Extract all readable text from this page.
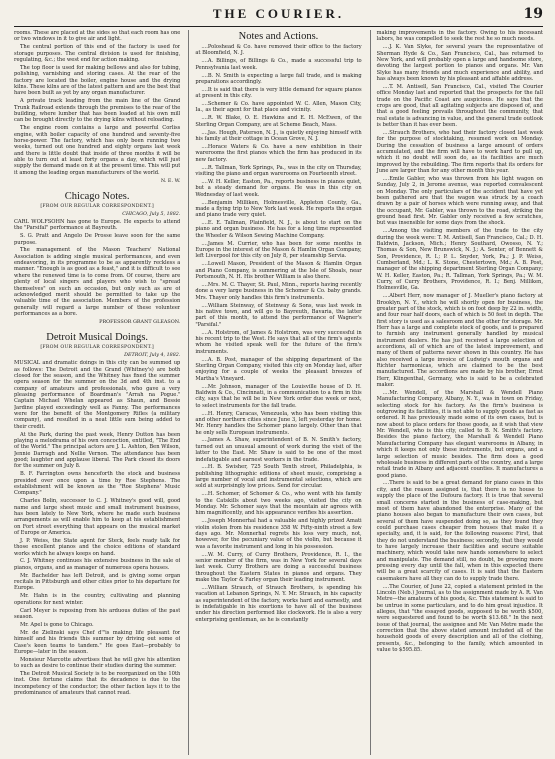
THE COURIER.	19

rooms. These are placed at the sides so that each room has one or two windows in it to give air and light.

The central portion of this end of the factory is used for storage purposes. The central division is used for finishing, regulating, &c.; the west end for action making.

The top floor is used for making bellows and also for tubing, polishing, varnishing and storing cases. At the rear of the factory are located the boiler, engine house and the drying kilns. These kilns are of the latest pattern and are the best that have been built as yet by any organ manufacturer.

A private track leading from the main line of the Grand Trunk Railroad extends through the premises to the rear of the building, where lumber that has been loaded at his own mill can be brought directly to the drying kilns without reloading.

The engine room contains a large and powerful Corliss engine, with boiler capacity of one hundred and seventy-five horse-power. The factory, which has only been running two weeks, turned out one hundred and eighty organs last week and there is little doubt that inside of three months it will be able to turn out at least forty organs a day, which will just supply the demand made on it at the present time. This will put it among the leading organ manufacturers of the world.

N. E. W.

Chicago Notes.
[FROM OUR REGULAR CORRESPONDENT.]
CHICAGO, July 5, 1882.

CARL WOLFSOHN has gone to Europe. He expects to attend the "Parsifal" performance at Bayreuth.

S. G. Pratt and Angelo De Prosse leave soon for the same purpose.

The management of the Mason Teachers' National Association is adding single musical performances, and even endeavoring, in its programme to be as apparently reckless a manner. "Enough is as good as a feast," and it is difficult to see where the renewed time is to come from. Of course, there are plenty of local singers and players who wish to "spread themselves" on such an occasion, but only such as are of acknowledged merit should be permitted to take up the valuable time of the association. Members of the profession generally will regard a large number of these volunteer performances as a bore.

PROFESSOR GRANT GLEASON.

Detroit Musical Doings.
[FROM OUR REGULAR CORRESPONDENT.]
DETROIT, July 4, 1882.

MUSICAL and dramatic doings in this city can be summed up as follows: The Detroit and the Grand (Whitney's) are both closed for the season, and the Whitney has fixed the summer opera season for the summer on the 3d and 4th inst. to a company of amateurs and professionals, who gave a very pleasing performance of Boardman's "Arrah na Pogue." Captain Michael Whelan appeared as Shaun, and Bessie Jardine played exceedingly well as Fanny. The performances were for the benefit of the Montgomery Rifles (a military company), and resulted in a neat little sum being added to their credit.

At the Park, during the past week, Henry Dutton has been playing a melodrama of his own concoction, entitled, "The End of the World." The principal actors are J. L. Ashton, Ben Wilson, Jennie Darragh and Nellie Vernon. The attendance has been good; laughter and applause liberal. The Park closed its doors for the summer on July 8.

B. F. Farrington owns henceforth the stock and business presided over once upon a time by Roe Stephens. The establishment will be known as the "Roe Stephens' Music Company."

Charles Bolin, successor to C. J. Whitney's good will, good name and large sheet music and small instrument business, has been lately to New York, where he made such business arrangements as will enable him to keep at his establishment on Fort street everything that appears on the musical market of Europe or America.

J. P. Weiss, the State agent for Steck, feels ready talk for those excellent pianos and the choice editions of standard works which he always keeps on hand.

C. J. Whitney continues his extensive business in the sale of pianos, organs, and as manager of numerous opera houses.

Mr. Bachelder has left Detroit, and is giving some organ recitals in Pittsburgh and other cities prior to his departure for Europe.

Mr. Hahn is in the country, cultivating and planning operations for next winter.

Carl Meyer is reposing from his arduous duties of the past season.

Mr. Apel is gone to Chicago.

Mr. de Zielinski says Chef d'"is making life pleasant for himself and his friends this summer by driving out some of Case's keen teams to tandem." He goes East—probably to Europe—later in the season.

Monsieur Marcotte advertises that he will give his attention to such as desire to continue their studies during the summer.

The Detroit Musical Society is to be reorganized on the 10th inst. One fortune claims that its decadence is due to the incompetency of the conductor; the other faction lays it to the predominance of amateurs that cannot read.

Notes and Actions.

....Poloshead & Co. have removed their office to the factory at Bloomfield, N. J.

....A. Billings, of Billings & Co., made a successful trip to Pennsylvania last week.

....B. N. Smith is expecting a large fall trade, and is making preparations accordingly.

....It is said that there is very little demand for square pianos at present in this city.

....Schemer & Co. have appointed W. C. Allen, Mason City, Ia., as their agent for that place and vicinity.

....R. W. Blake, O. E. Hawkins and E. H. McEwen, of the Sterling Organ Company, are at Scheme Beach, Mass.

....Jas. Hough, Paterson, N. J., is quietly enjoying himself with his family at their cottage in Ocean Grove, N. J.

....Horace Waters & Co. have a new exhibition in their warerooms the first pianos which the firm has produced in its new factory.

....R. Tallman, York Springs, Pa., was in the city on Thursday, visiting the piano and organ warerooms on Fourteenth street.

....W. H. Keller, Easton, Pa., reports business in pianos quiet, but a steady demand for organs. He was in this city on Wednesday of last week.

....Benjamin Milliken, Holmesville, Appleton County, Ga., made a flying trip to New York last week. He reports the organ and piano trade very quiet.

....E. E. Tallman, Plainfield, N. J., is about to start on the piano and organ business. He has for a long time represented the Wheeler & Wilson Sewing Machine Company.

....James M. Currier, who has been for some months in Europe in the interest of the Mason & Hamlin Organ Company, left Liverpool for this city on July 8, per steamship Servia.

....Lowell Mason, President of the Mason & Hamlin Organ and Piano Company, is summering at the Isle of Shoals, near Portsmouth, N. H. His brother William is also there.

....Mrs. M. C. Thayer, St. Paul, Minn., reports having recently done a very large business in the Schomer & Co. baby grands. Mrs. Thayer only handles this firm's instruments.

....William Steinway, of Steinway & Sons, was last week in his native town, and will go to Bayreuth, Bavaria, the latter part of this month, to attend the performance of Wagner's "Parsifal."

....A. Holstrom, of James & Holstrom, was very successful in his recent trip to the West. He says that all of the firm's agents whom he visited speak well for the future of the firm's instruments.

....A. B. Post, manager of the shipping department of the Sterling Organ Company, visited this city on Monday last, after enjoying for a couple of weeks the pleasant breezes of Martha's Vineyard.

....Mr. Johnson, manager of the Louisville house of D. H. Baldwin & Co., Cincinnati, in a communication to a firm in this city, says that he will be in New York order due week or next, to select instruments for the fall trade.

....H. Henry, Caracas, Venezuela, who has been visiting this and other northern cities since June 3, left yesterday for home. Mr. Henry handles the Schomer piano largely. Other than that he only sells European instruments.

....James A. Shaw, superintendent of B. N. Smith's factory, turned out an unusual amount of work during the visit of the latter to the East. Mr. Shaw is said to be one of the most indefatigable and earnest workers in the trade.

....H. B. Swisher, 725 South Tenth street, Philadelphia, is publishing lithographic editions of sheet music, comprising a large number of vocal and instrumental selections, which are sold at surprisingly low prices. Send for circular.

....H. Schomer, of Schomer & Co., who went with his family to the Catskills about two weeks ago, visited the city on Monday. Mr. Schomer says that the mountain air agrees with him magnificently, and his appearance verifies his assertion.

....Joseph Monnerhal had a valuable and highly prized Amati violin stolen from his residence 358 W. Fifty-ninth street a few days ago. Mr. Monnerhal regrets his loss very much, not, however, for the pecuniary value of the violin, but because it was a favorite instrument and long in his possession.

....W. M. Curry, of Curry Brothers, Providence, R. I., the senior member of the firm, was in New York for several days last week. Curry Brothers are doing a successful business throughout the Eastern States in pianos and organs. They make the Taylor & Farley organ their leading instrument.

....William Strauch, of Strauch Brothers, is spending his vacation at Lebanon Springs, N. Y. Mr. Strauch, in his capacity as superintendent of the factory, works hard and earnestly, and is indefatigable in his exertions to have all of the business under his direction performed like clockwork. He is also a very enterprising gentleman, as he is constantly

making improvements in the factory. Owing to his incessant labors, he was compelled to seek the rest he so much needs.

....J. K. Van Slyke, for several years the representative of Sherman Hyde & Co., San Francisco, Cal., has returned to New York, and will probably open a large and handsome store, devoting the largest portion to pianos and organs. Mr. Van Slyke has many friends and much experience and ability, and has always been known by his pleasant and affable address.

....T. M. Antisell, San Francisco, Cal., visited The Courier office Monday last and reported that the prospects for the fall trade on the Pacific Coast are auspicious. He says that the crops are good, that all agitating subjects are disposed of, and that a good feeling prevails throughout the community, that real estate is advancing in value, and the general trade outlook is better than it has ever been.

....Strauch Brothers, who had their factory closed last week for the purpose of stocktaking, resumed work on Monday. During the cessation of business a large amount of orders accumulated, and the firm will have to work hard to pull up, which it no doubt will soon do, as its facilities are much improved by the rebuilding. The firm reports that its orders for June are larger than for any other month this year.

....Emile Gabler, who was thrown from his light wagon on Sunday, July 2, in Jerome avenue, was reported convalescent on Monday. The only particulars of the accident that have yet been gathered are that the wagon was struck by a coach drawn by a pair of horses which were running away, and that the occupant, Mr. Gabler, was thrown to the road, striking the ground head first. Mr. Gabler only received a few scratches, but was insensible for some days from the shock.

....Among the visiting members of the trade to the city during the week were: T. M. Antisell, San Francisco, Cal.; D. H. Baldwin, Jackson, Mich.; Henry Southard, Owosso, N. Y.; Thomas & Son, New Brunswick, N. J.; A. Senter, of Bennett & Son, Providence, R. I.; P. L. Snyder, York, Pa.; J. P. Weiss, Cumberland, Md.; L. K. Stone, Chestertown, Md.; A. B. Post, manager of the shipping department Sterling Organ Company; W. H. Keller, Easton, Pa.; R. Tallman, York Springs, Pa.; W. M. Curry, of Curry Brothers, Providence, R. I.; Benj. Milliken, Holmesville, Ga.

....Albert Herr, now manager of J. Mueller's piano factory at Brooklyn, N. Y., which he will shortly open for business, the greater part of the stock, which is on foot deep by 22 in. width, and four rear half doors, each of which is 50 feet in depth. The first story is used as a salesroom and the other for storage. Mr. Herr has a large and complete stock of goods, and is prepared to furnish any instrument generally handled by musical instrument dealers. He has just received a large selection of accordions, all of which are of the latest improvement, and many of them of patterns never shown in this country. He has also received a large invoice of Ludwig's mouth organs and Richter harmonicas, which are claimed to be the best manufactured. The accordions are made by his brother, Ernst Herr, Klingenthal, Germany, who is said to be a celebrated maker.

....Mr. Wendell, of the Marshall & Wendell Piano Manufacturing Company, Albany, N. Y., was in town on Friday, selecting stock for his factory. As the firm's business is outgrowing its facilities, it is not able to supply goods as fast as ordered. It has previously made some of its own cases, but is now about to place orders for those goods, as it wish that view Mr. Wendell, who is this city, called to B. N. Smith's factory. Besides the piano factory, the Marshall & Wendell Piano Manufacturing Company has elegant warerooms in Albany, in which it keeps not only these instruments, but organs, and a large selection of music besides. The firm does a good wholesale business in different parts of the country, and a large retail trade in Albany and adjacent counties. It manufactures a good piano.

....There is said to be a great demand for piano cases in this city, and the reason assigned is, that there is no house to supply the place of the Dufoura factory. It is true that several small concerns started in the business of case-making, but most of them have abandoned the enterprise. Many of the piano houses also began to manufacture their own cases, but several of them have suspended doing so, as they found they could purchase cases cheaper from houses that make it a specialty, and, it is said, for the following reasons: First, that they do not understand the business; secondly, that they would to have largely increase their facilities and secure suitable machinery, which would take new hands somewhere to select and manipulate. The demand still, no doubt, be growing more pressing every day until the fall, when in this expected there will be a great scarcity of cases. It is said that the Eastern casemakers have all they can do to supply trade there.

....The Courier, of June 22, copied a statement printed in the Lincoln (Neb.) Journal, as to the assignment made by A. R. Van Metre—the amateurs of his goods, &c. This statement is said to be untrue in some particulars, and to do him great injustice. It alleges, that "the essayed goods, supposed to be worth $500, were sequestered and found to be worth $13.68." In the next issue of that journal, the assignee and Mr. Van Metre made the correction that the above stated amount included all of the household goods of every description and all of the clothing, presents, &c., belonging to the family, which amounted in value to $595.85.
